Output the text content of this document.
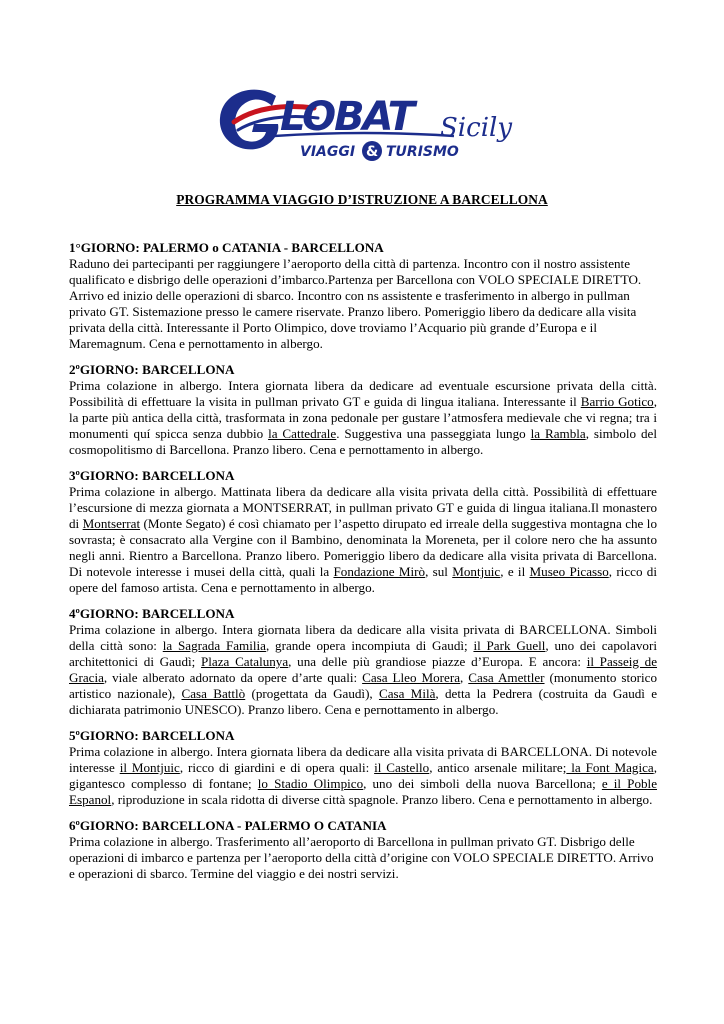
LOBAT Sicily
VIAGGI & TURISMO
PROGRAMMA VIAGGIO D’ISTRUZIONE A BARCELLONA
1°GIORNO: PALERMO o CATANIA - BARCELLONA

Raduno dei partecipanti per raggiungere l’aeroporto della città di partenza. Incontro con il nostro assistente qualificato e disbrigo delle operazioni d’imbarco.Partenza per Barcellona con VOLO SPECIALE DIRETTO. Arrivo ed inizio delle operazioni di sbarco. Incontro con ns assistente e trasferimento in albergo in pullman privato GT. Sistemazione presso le camere riservate. Pranzo libero. Pomeriggio libero da dedicare alla visita privata della città. Interessante il Porto Olimpico, dove troviamo l’Acquario più grande d’Europa e il Maremagnum. Cena e pernottamento in albergo.

2ºGIORNO: BARCELLONA

Prima colazione in albergo. Intera giornata libera da dedicare ad eventuale escursione privata della città. Possibilità di effettuare la visita in pullman privato GT e guida di lingua italiana. Interessante il Barrio Gotico, la parte più antica della città, trasformata in zona pedonale per gustare l’atmosfera medievale che vi regna; tra i monumenti quí spicca senza dubbio la Cattedrale. Suggestiva una passeggiata lungo la Rambla, simbolo del cosmopolitismo di Barcellona. Pranzo libero. Cena e pernottamento in albergo.

3ºGIORNO: BARCELLONA

Prima colazione in albergo. Mattinata libera da dedicare alla visita privata della città. Possibilità di effettuare l’escursione di mezza giornata a MONTSERRAT, in pullman privato GT e guida di lingua italiana.Il monastero di Montserrat (Monte Segato) é così chiamato per l’aspetto dirupato ed irreale della suggestiva montagna che lo sovrasta; è consacrato alla Vergine con il Bambino, denominata la Moreneta, per il colore nero che ha assunto negli anni. Rientro a Barcellona. Pranzo libero. Pomeriggio libero da dedicare alla visita privata di Barcellona. Di notevole interesse i musei della città, quali la Fondazione Mirò, sul Montjuic, e il Museo Picasso, ricco di opere del famoso artista. Cena e pernottamento in albergo.

4ºGIORNO: BARCELLONA

Prima colazione in albergo. Intera giornata libera da dedicare alla visita privata di BARCELLONA. Simboli della città sono: la Sagrada Familia, grande opera incompiuta di Gaudì; il Park Guell, uno dei capolavori architettonici di Gaudì; Plaza Catalunya, una delle più grandiose piazze d’Europa. E ancora: il Passeig de Gracia, viale alberato adornato da opere d’arte quali: Casa Lleo Morera, Casa Amettler (monumento storico artistico nazionale), Casa Battlò (progettata da Gaudì), Casa Milà, detta la Pedrera (costruita da Gaudì e dichiarata patrimonio UNESCO). Pranzo libero. Cena e pernottamento in albergo.

5ºGIORNO: BARCELLONA

Prima colazione in albergo. Intera giornata libera da dedicare alla visita privata di BARCELLONA. Di notevole interesse il Montjuic, ricco di giardini e di opera quali: il Castello, antico arsenale militare; la Font Magica, gigantesco complesso di fontane; lo Stadio Olimpico, uno dei simboli della nuova Barcellona; e il Poble Espanol, riproduzione in scala ridotta di diverse città spagnole. Pranzo libero. Cena e pernottamento in albergo.

6ºGIORNO: BARCELLONA - PALERMO O CATANIA

Prima colazione in albergo. Trasferimento all’aeroporto di Barcellona in pullman privato GT. Disbrigo delle operazioni di imbarco e partenza per l’aeroporto della città d’origine con VOLO SPECIALE DIRETTO. Arrivo e operazioni di sbarco. Termine del viaggio e dei nostri servizi.
